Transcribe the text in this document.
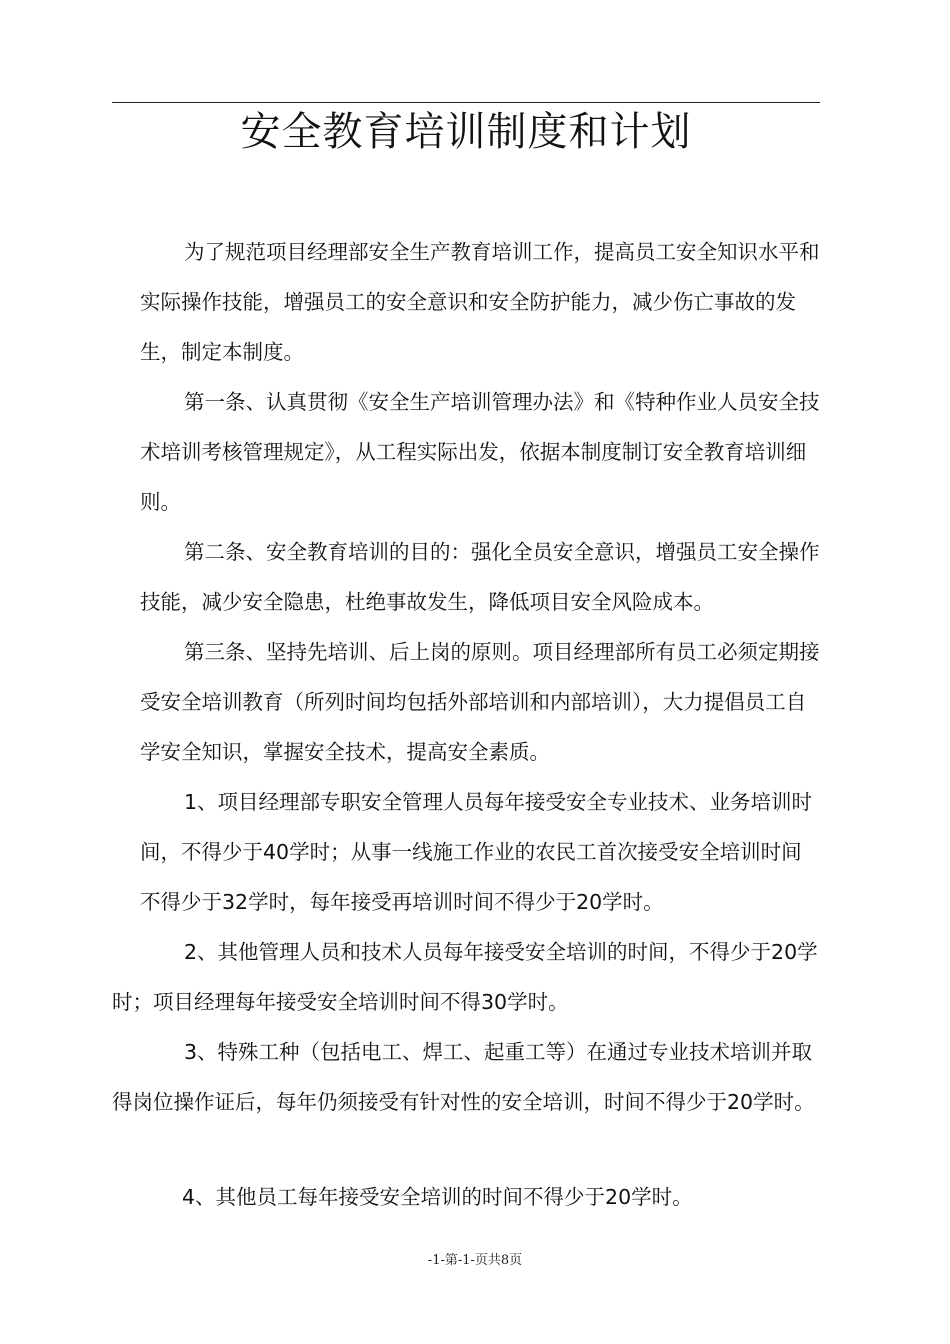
安全教育培训制度和计划

为了规范项目经理部安全生产教育培训工作，提高员工安全知识水平和实际操作技能，增强员工的安全意识和安全防护能力，减少伤亡事故的发生，制定本制度。

第一条、认真贯彻《安全生产培训管理办法》和《特种作业人员安全技术培训考核管理规定》，从工程实际出发，依据本制度制订安全教育培训细则。

第二条、安全教育培训的目的：强化全员安全意识，增强员工安全操作技能，减少安全隐患，杜绝事故发生，降低项目安全风险成本。

第三条、坚持先培训、后上岗的原则。项目经理部所有员工必须定期接受安全培训教育（所列时间均包括外部培训和内部培训），大力提倡员工自学安全知识，掌握安全技术，提高安全素质。

1、项目经理部专职安全管理人员每年接受安全专业技术、业务培训时间，不得少于40学时；从事一线施工作业的农民工首次接受安全培训时间不得少于32学时，每年接受再培训时间不得少于20学时。

2、其他管理人员和技术人员每年接受安全培训的时间，不得少于20学时；项目经理每年接受安全培训时间不得30学时。

3、特殊工种（包括电工、焊工、起重工等）在通过专业技术培训并取得岗位操作证后，每年仍须接受有针对性的安全培训，时间不得少于20学时。

4、其他员工每年接受安全培训的时间不得少于20学时。

-1-第-1-页共8页
